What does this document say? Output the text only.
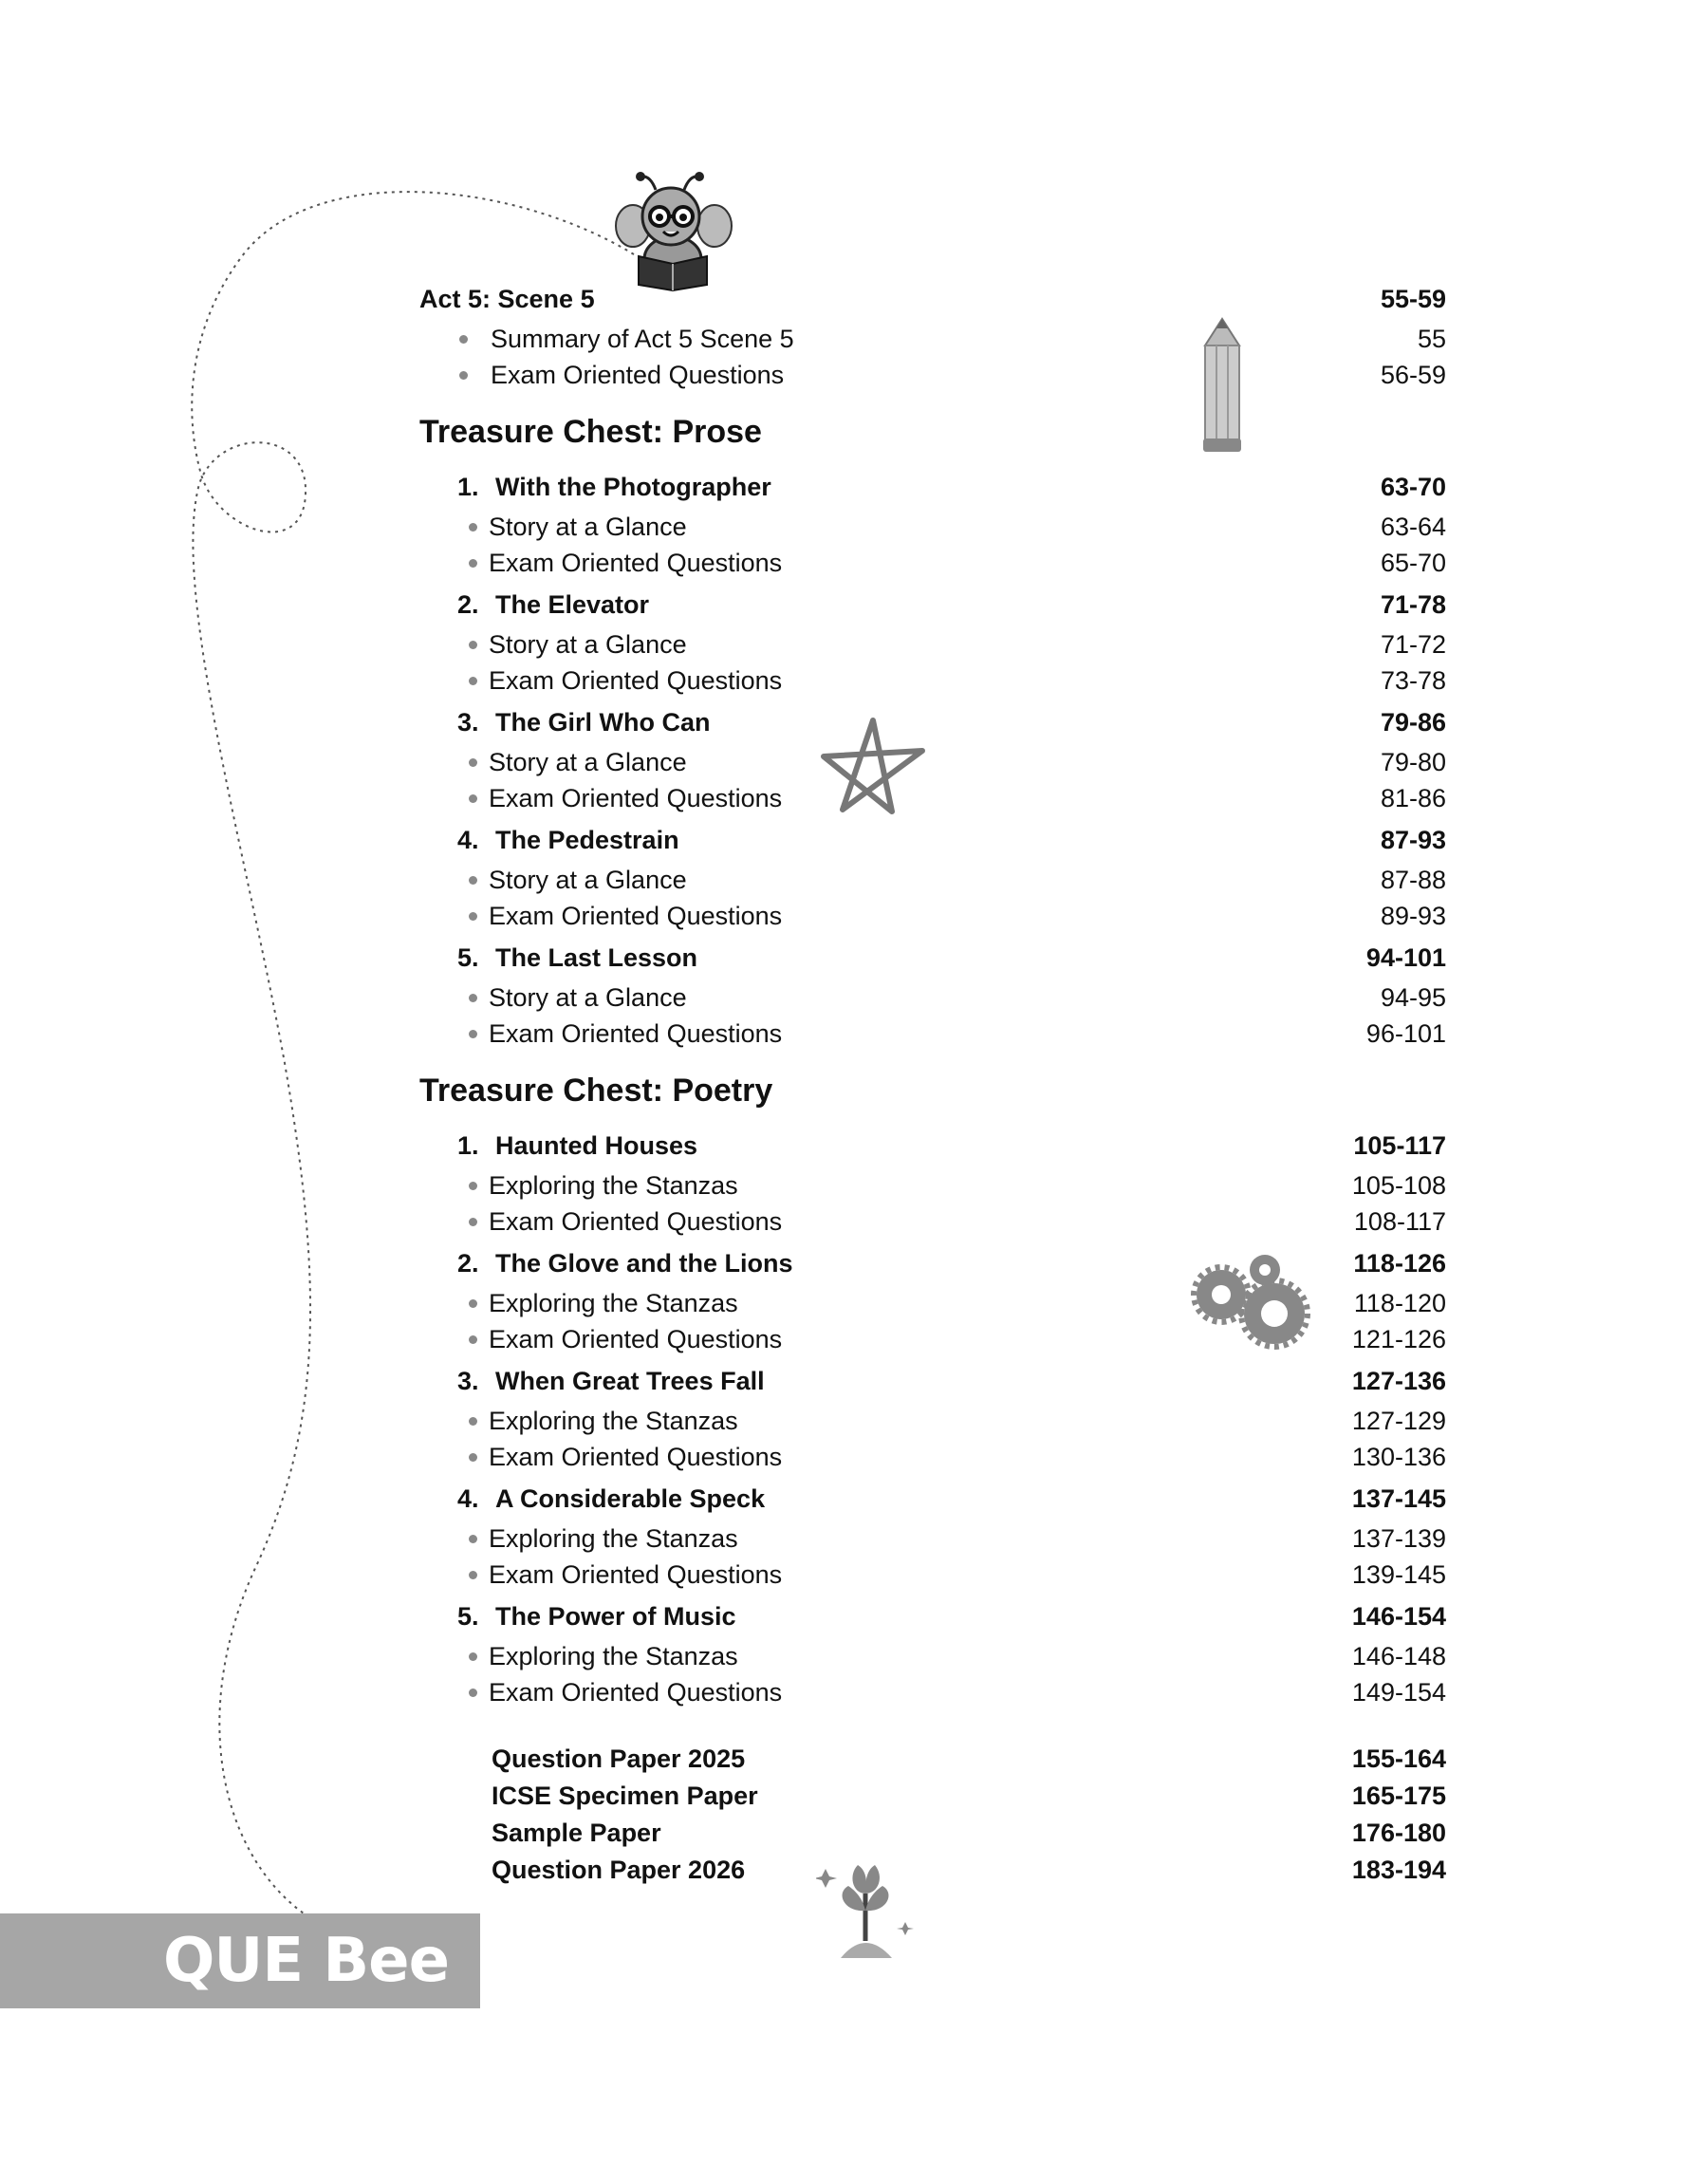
Act 5: Scene 5	55-59
Summary of Act 5 Scene 5	55
Exam Oriented Questions	56-59
Treasure Chest: Prose
1. With the Photographer	63-70
Story at a Glance	63-64
Exam Oriented Questions	65-70
2. The Elevator	71-78
Story at a Glance	71-72
Exam Oriented Questions	73-78
3. The Girl Who Can	79-86
Story at a Glance	79-80
Exam Oriented Questions	81-86
4. The Pedestrain	87-93
Story at a Glance	87-88
Exam Oriented Questions	89-93
5. The Last Lesson	94-101
Story at a Glance	94-95
Exam Oriented Questions	96-101
Treasure Chest: Poetry
1. Haunted Houses	105-117
Exploring the Stanzas	105-108
Exam Oriented Questions	108-117
2. The Glove and the Lions	118-126
Exploring the Stanzas	118-120
Exam Oriented Questions	121-126
3. When Great Trees Fall	127-136
Exploring the Stanzas	127-129
Exam Oriented Questions	130-136
4. A Considerable Speck	137-145
Exploring the Stanzas	137-139
Exam Oriented Questions	139-145
5. The Power of Music	146-154
Exploring the Stanzas	146-148
Exam Oriented Questions	149-154
Question Paper 2025	155-164
ICSE Specimen Paper	165-175
Sample Paper	176-180
Question Paper 2026	183-194
QUE Bee
